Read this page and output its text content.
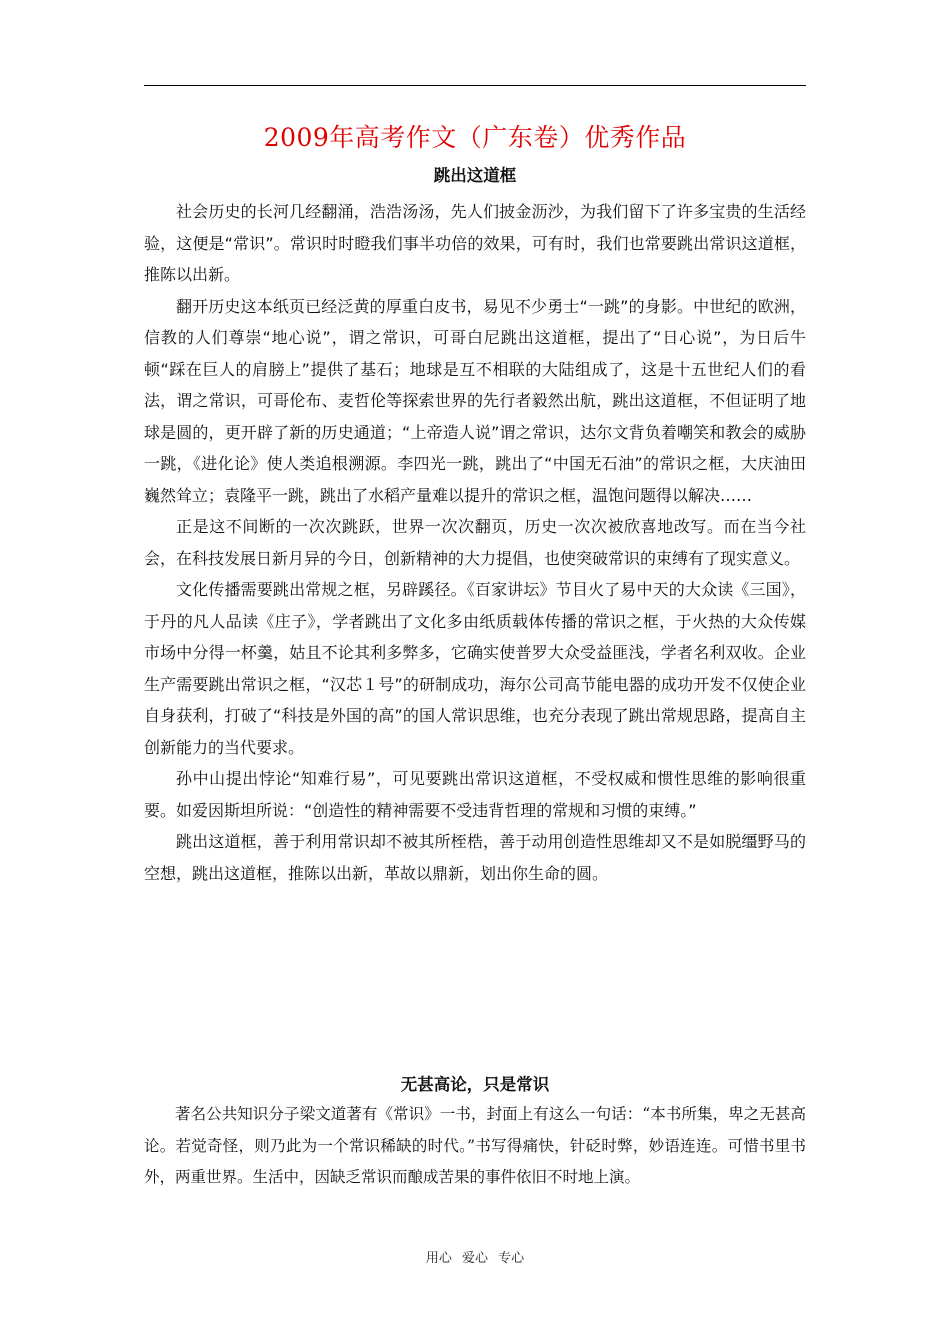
2009年高考作文（广东卷）优秀作品
跳出这道框

社会历史的长河几经翻涌，浩浩汤汤，先人们披金沥沙，为我们留下了许多宝贵的生活经验，这便是“常识”。常识时时瞪我们事半功倍的效果，可有时，我们也常要跳出常识这道框，推陈以出新。

翻开历史这本纸页已经泛黄的厚重白皮书，易见不少勇士“一跳”的身影。中世纪的欧洲，信教的人们尊崇“地心说”，谓之常识，可哥白尼跳出这道框，提出了“日心说”，为日后牛顿“踩在巨人的肩膀上”提供了基石；地球是互不相联的大陆组成了，这是十五世纪人们的看法，谓之常识，可哥伦布、麦哲伦等探索世界的先行者毅然出航，跳出这道框，不但证明了地球是圆的，更开辟了新的历史通道；“上帝造人说”谓之常识，达尔文背负着嘲笑和教会的威胁一跳，《进化论》使人类追根溯源。李四光一跳，跳出了“中国无石油”的常识之框，大庆油田巍然耸立；袁隆平一跳，跳出了水稻产量难以提升的常识之框，温饱问题得以解决……

正是这不间断的一次次跳跃，世界一次次翻页，历史一次次被欣喜地改写。而在当今社会，在科技发展日新月异的今日，创新精神的大力提倡，也使突破常识的束缚有了现实意义。

文化传播需要跳出常规之框，另辟蹊径。《百家讲坛》节目火了易中天的大众读《三国》，于丹的凡人品读《庄子》，学者跳出了文化多由纸质载体传播的常识之框，于火热的大众传媒市场中分得一杯羹，姑且不论其利多弊多，它确实使普罗大众受益匪浅，学者名利双收。企业生产需要跳出常识之框，“汉芯１号”的研制成功，海尔公司高节能电器的成功开发不仅使企业自身获利，打破了“科技是外国的高”的国人常识思维，也充分表现了跳出常规思路，提高自主创新能力的当代要求。

孙中山提出悖论“知难行易”，可见要跳出常识这道框，不受权威和惯性思维的影响很重要。如爱因斯坦所说：“创造性的精神需要不受违背哲理的常规和习惯的束缚。”

跳出这道框，善于利用常识却不被其所桎梏，善于动用创造性思维却又不是如脱缰野马的空想，跳出这道框，推陈以出新，革故以鼎新，划出你生命的圆。

无甚高论，只是常识

著名公共知识分子梁文道著有《常识》一书，封面上有这么一句话：“本书所集，卑之无甚高论。若觉奇怪，则乃此为一个常识稀缺的时代。”书写得痛快，针砭时弊，妙语连连。可惜书里书外，两重世界。生活中，因缺乏常识而酿成苦果的事件依旧不时地上演。

用心 爱心 专心
